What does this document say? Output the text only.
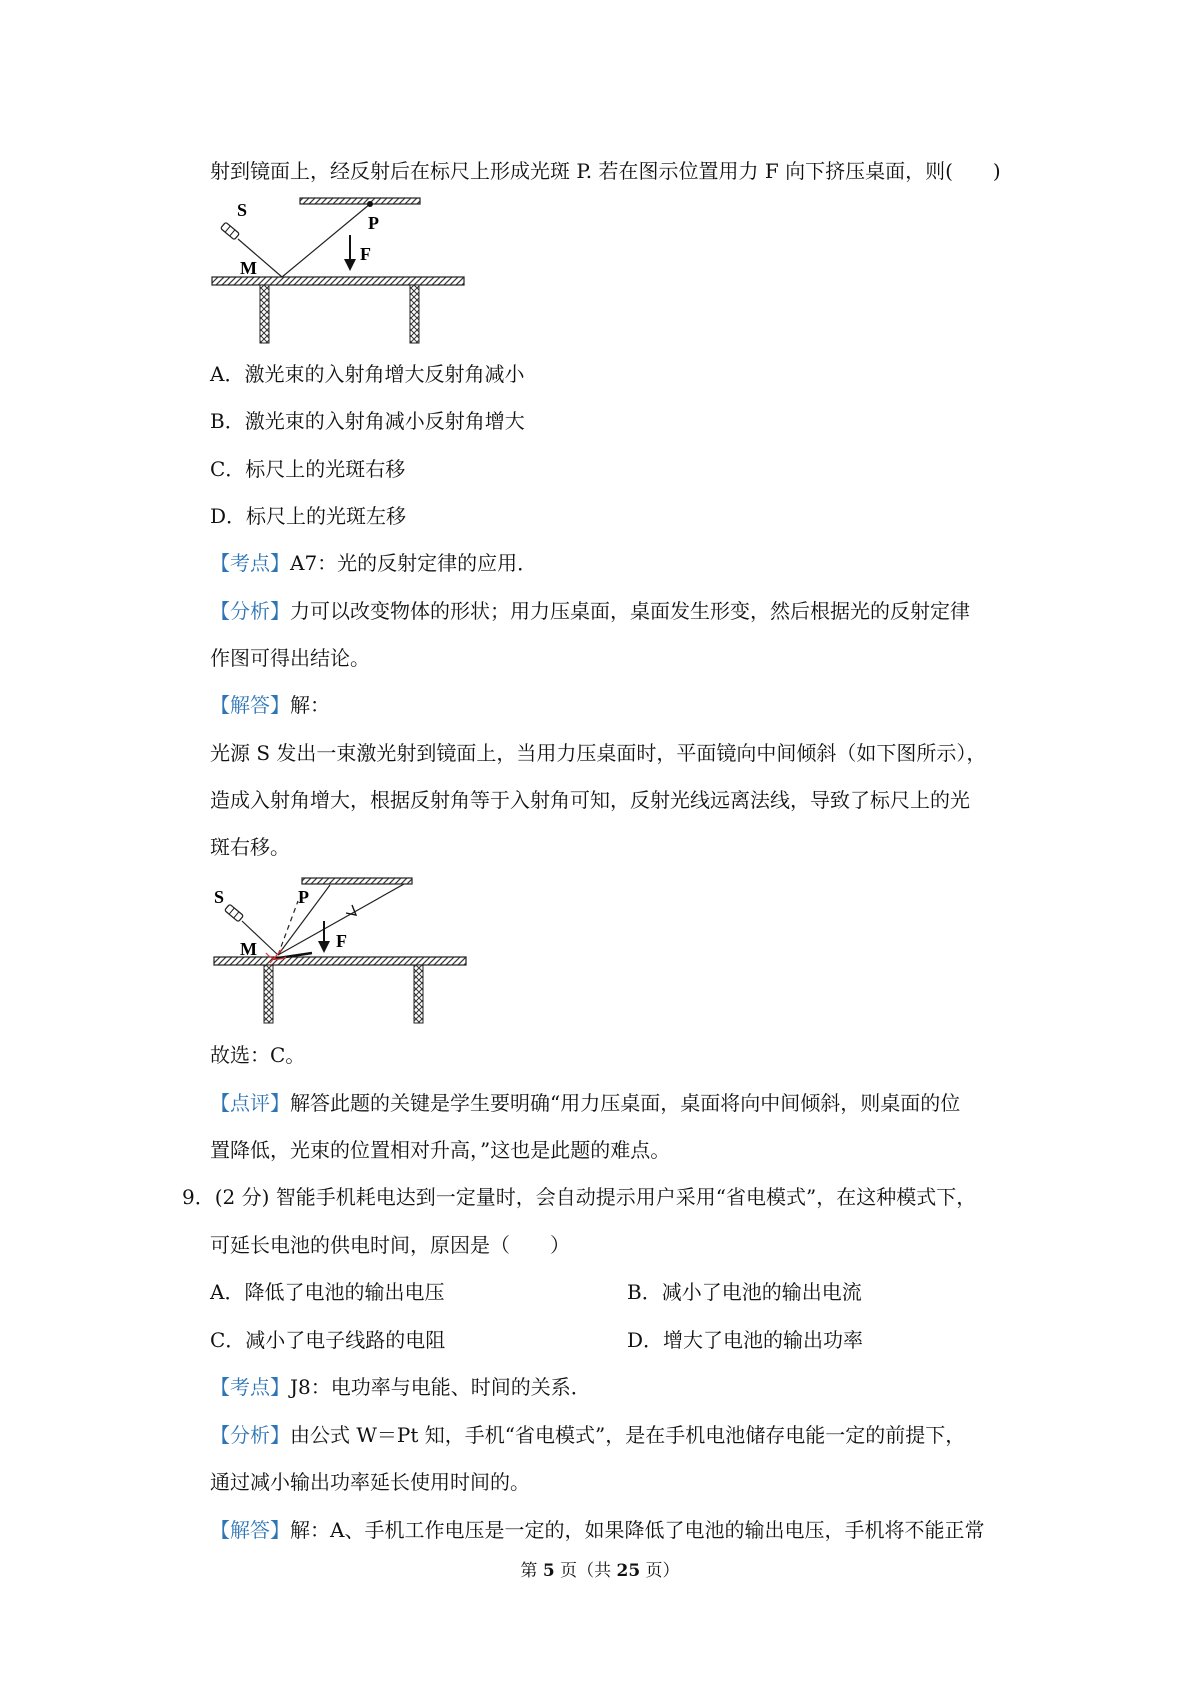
射到镜面上，经反射后在标尺上形成光斑 P. 若在图示位置用力 F 向下挤压桌面，则(　　)
S
P
M
F
A．激光束的入射角增大反射角减小
B．激光束的入射角减小反射角增大
C．标尺上的光斑右移
D．标尺上的光斑左移
【考点】A7：光的反射定律的应用．
【分析】力可以改变物体的形状；用力压桌面，桌面发生形变，然后根据光的反射定律
作图可得出结论。
【解答】解：
光源 S 发出一束激光射到镜面上，当用力压桌面时，平面镜向中间倾斜（如下图所示），
造成入射角增大，根据反射角等于入射角可知，反射光线远离法线，导致了标尺上的光
斑右移。
S	P
M	F
故选：C。
【点评】解答此题的关键是学生要明确“用力压桌面，桌面将向中间倾斜，则桌面的位
置降低，光束的位置相对升高，”这也是此题的难点。
9．(2 分) 智能手机耗电达到一定量时，会自动提示用户采用“省电模式”，在这种模式下，
可延长电池的供电时间，原因是（　　）
A．降低了电池的输出电压	B．减小了电池的输出电流
C．减小了电子线路的电阻	D．增大了电池的输出功率
【考点】J8：电功率与电能、时间的关系．
【分析】由公式 W＝Pt 知，手机“省电模式”，是在手机电池储存电能一定的前提下，
通过减小输出功率延长使用时间的。
【解答】解：A、手机工作电压是一定的，如果降低了电池的输出电压，手机将不能正常
第 5 页（共 25 页）
